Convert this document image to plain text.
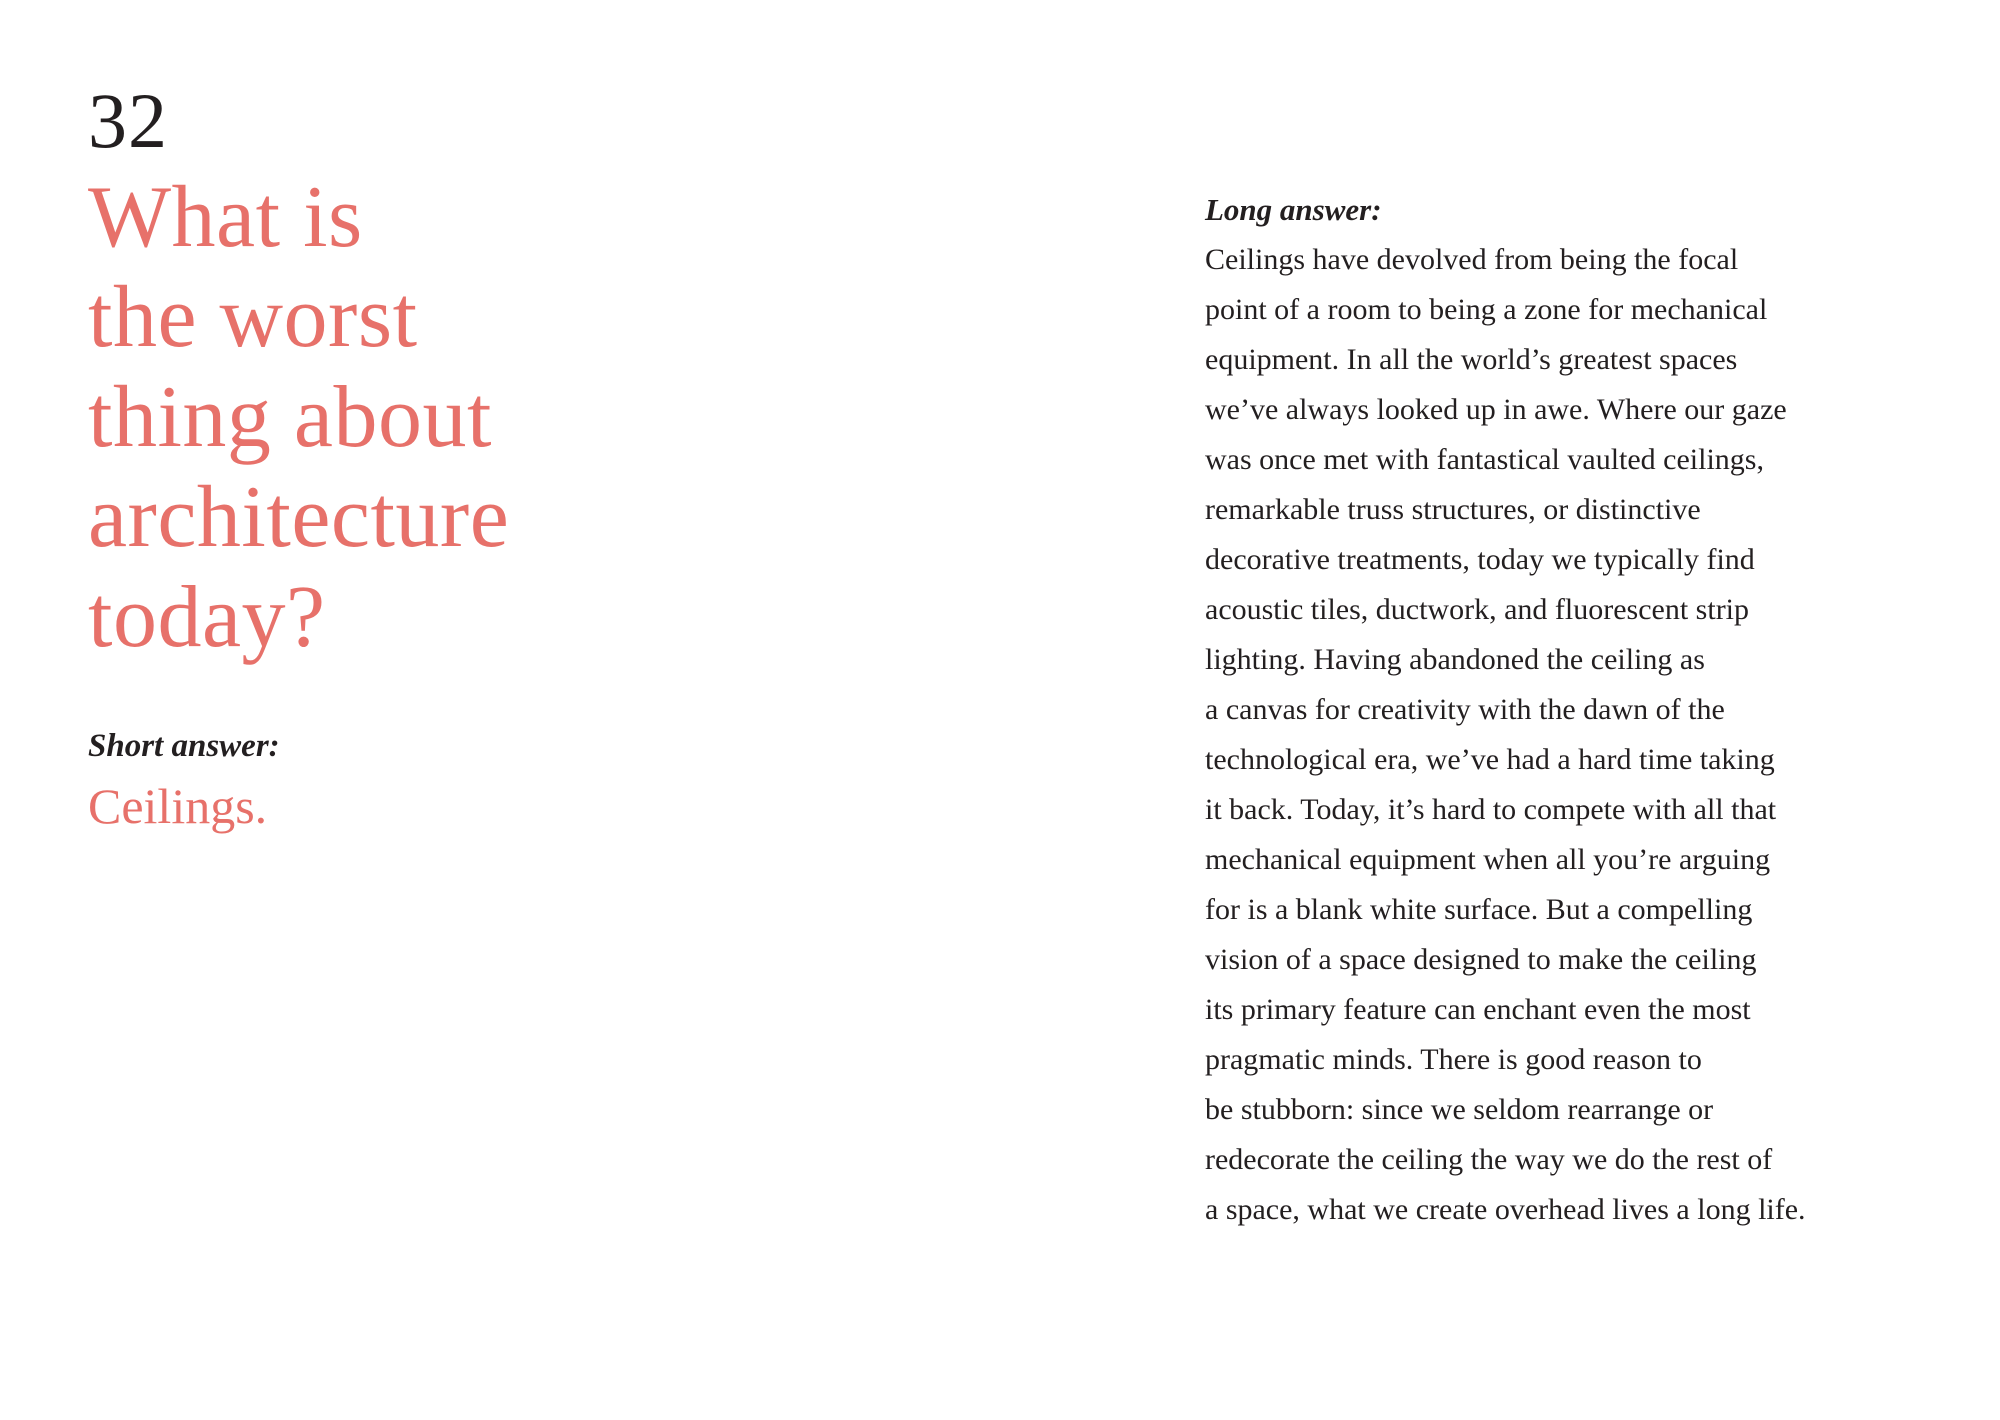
32
What is
the worst
thing about
architecture
today?
Short answer:
Ceilings.
Long answer:
Ceilings have devolved from being the focal
point of a room to being a zone for mechanical
equipment. In all the world’s greatest spaces
we’ve always looked up in awe. Where our gaze
was once met with fantastical vaulted ceilings,
remarkable truss structures, or distinctive
decorative treatments, today we typically find
acoustic tiles, ductwork, and fluorescent strip
lighting. Having abandoned the ceiling as
a canvas for creativity with the dawn of the
technological era, we’ve had a hard time taking
it back. Today, it’s hard to compete with all that
mechanical equipment when all you’re arguing
for is a blank white surface. But a compelling
vision of a space designed to make the ceiling
its primary feature can enchant even the most
pragmatic minds. There is good reason to
be stubborn: since we seldom rearrange or
redecorate the ceiling the way we do the rest of
a space, what we create overhead lives a long life.
